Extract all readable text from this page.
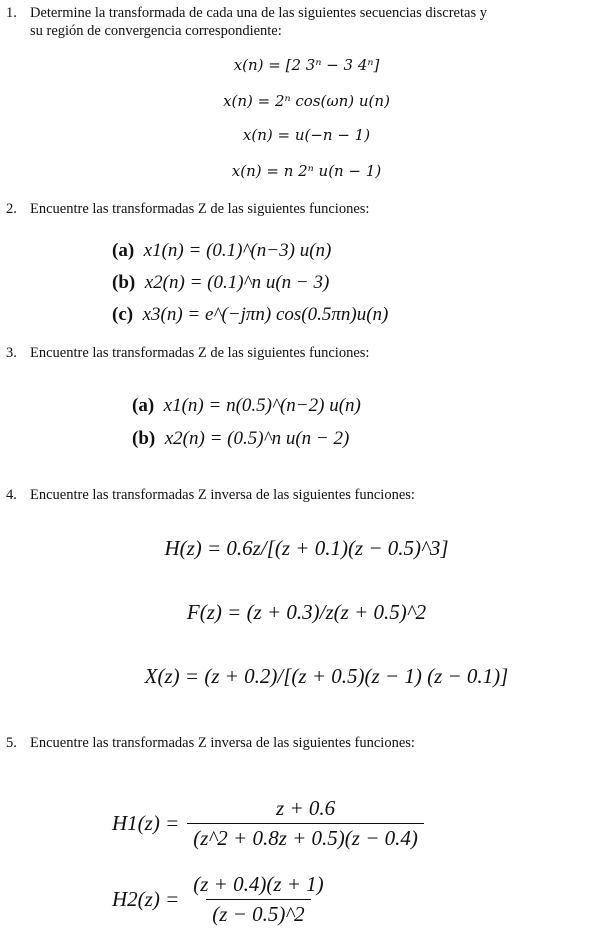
1. Determine la transformada de cada una de las siguientes secuencias discretas y
su región de convergencia correspondiente:
x(n) = [2 3ⁿ − 3 4ⁿ]
x(n) = 2ⁿ cos(ωn) u(n)
x(n) = u(−n − 1)
x(n) = n 2ⁿ u(n − 1)
2. Encuentre las transformadas Z de las siguientes funciones:
(a) x1(n) = (0.1)^(n−3) u(n)
(b) x2(n) = (0.1)^n u(n − 3)
(c) x3(n) = e^(−jπn) cos(0.5πn)u(n)
3. Encuentre las transformadas Z de las siguientes funciones:
(a) x1(n) = n(0.5)^(n−2) u(n)
(b) x2(n) = (0.5)^n u(n − 2)
4. Encuentre las transformadas Z inversa de las siguientes funciones:
H(z) = 0.6z/[(z + 0.1)(z − 0.5)^3]
F(z) = (z + 0.3)/z(z + 0.5)^2
X(z) = (z + 0.2)/[(z + 0.5)(z − 1) (z − 0.1)]
5. Encuentre las transformadas Z inversa de las siguientes funciones:
$H1(z) = \frac{z + 0.6}{(z\^{}2 + 0.8z + 0.5)(z - 0.4)}$
$H2(z) = \frac{(z + 0.4)(z + 1)}{(z - 0.5)\^{}2}$
